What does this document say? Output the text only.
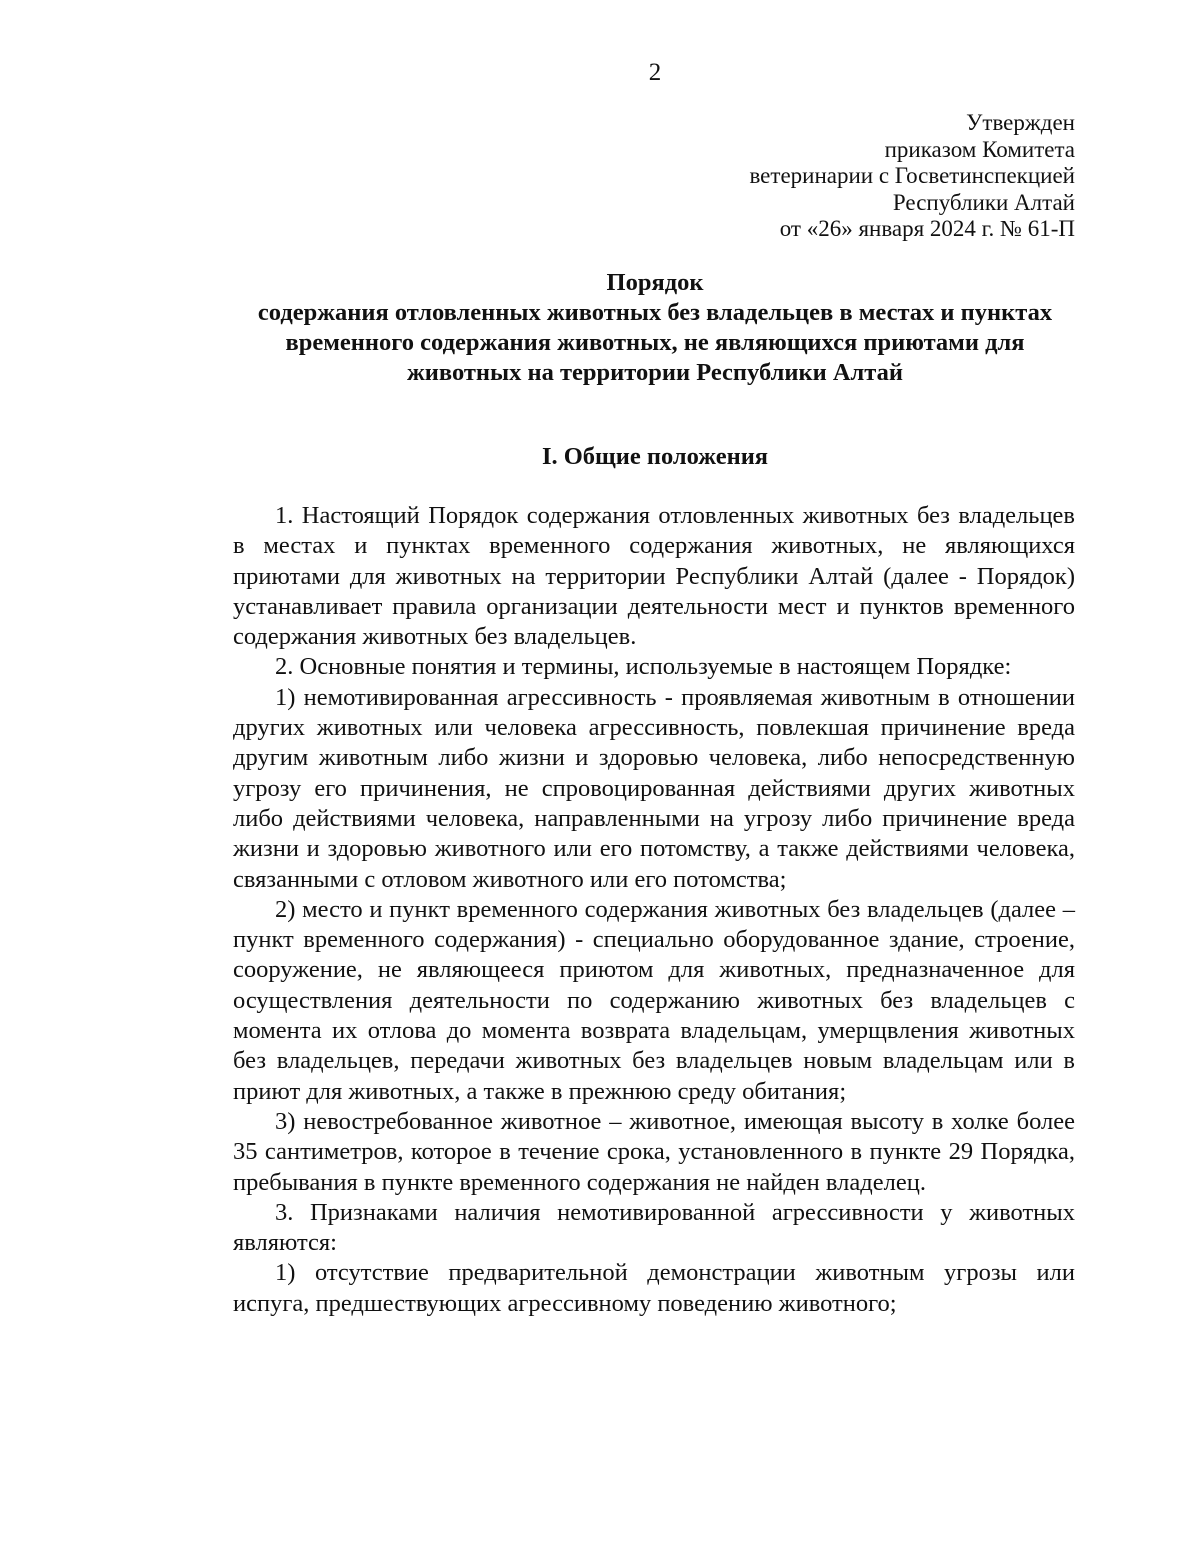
2
Утвержден
приказом Комитета
ветеринарии с Госветинспекцией
Республики Алтай
от «26» января 2024 г. № 61-П
Порядок
содержания отловленных животных без владельцев в местах и пунктах
временного содержания животных, не являющихся приютами для
животных на территории Республики Алтай
I. Общие положения

1. Настоящий Порядок содержания отловленных животных без владельцев в местах и пунктах временного содержания животных, не являющихся приютами для животных на территории Республики Алтай (далее - Порядок) устанавливает правила организации деятельности мест и пунктов временного содержания животных без владельцев.

2. Основные понятия и термины, используемые в настоящем Порядке:

1) немотивированная агрессивность - проявляемая животным в отношении других животных или человека агрессивность, повлекшая причинение вреда другим животным либо жизни и здоровью человека, либо непосредственную угрозу его причинения, не спровоцированная действиями других животных либо действиями человека, направленными на угрозу либо причинение вреда жизни и здоровью животного или его потомству, а также действиями человека, связанными с отловом животного или его потомства;

2) место и пункт временного содержания животных без владельцев (далее – пункт временного содержания) - специально оборудованное здание, строение, сооружение, не являющееся приютом для животных, предназначенное для осуществления деятельности по содержанию животных без владельцев с момента их отлова до момента возврата владельцам, умерщвления животных без владельцев, передачи животных без владельцев новым владельцам или в приют для животных, а также в прежнюю среду обитания;

3) невостребованное животное – животное, имеющая высоту в холке более 35 сантиметров, которое в течение срока, установленного в пункте 29 Порядка, пребывания в пункте временного содержания не найден владелец.

3. Признаками наличия немотивированной агрессивности у животных являются:

1) отсутствие предварительной демонстрации животным угрозы или испуга, предшествующих агрессивному поведению животного;
